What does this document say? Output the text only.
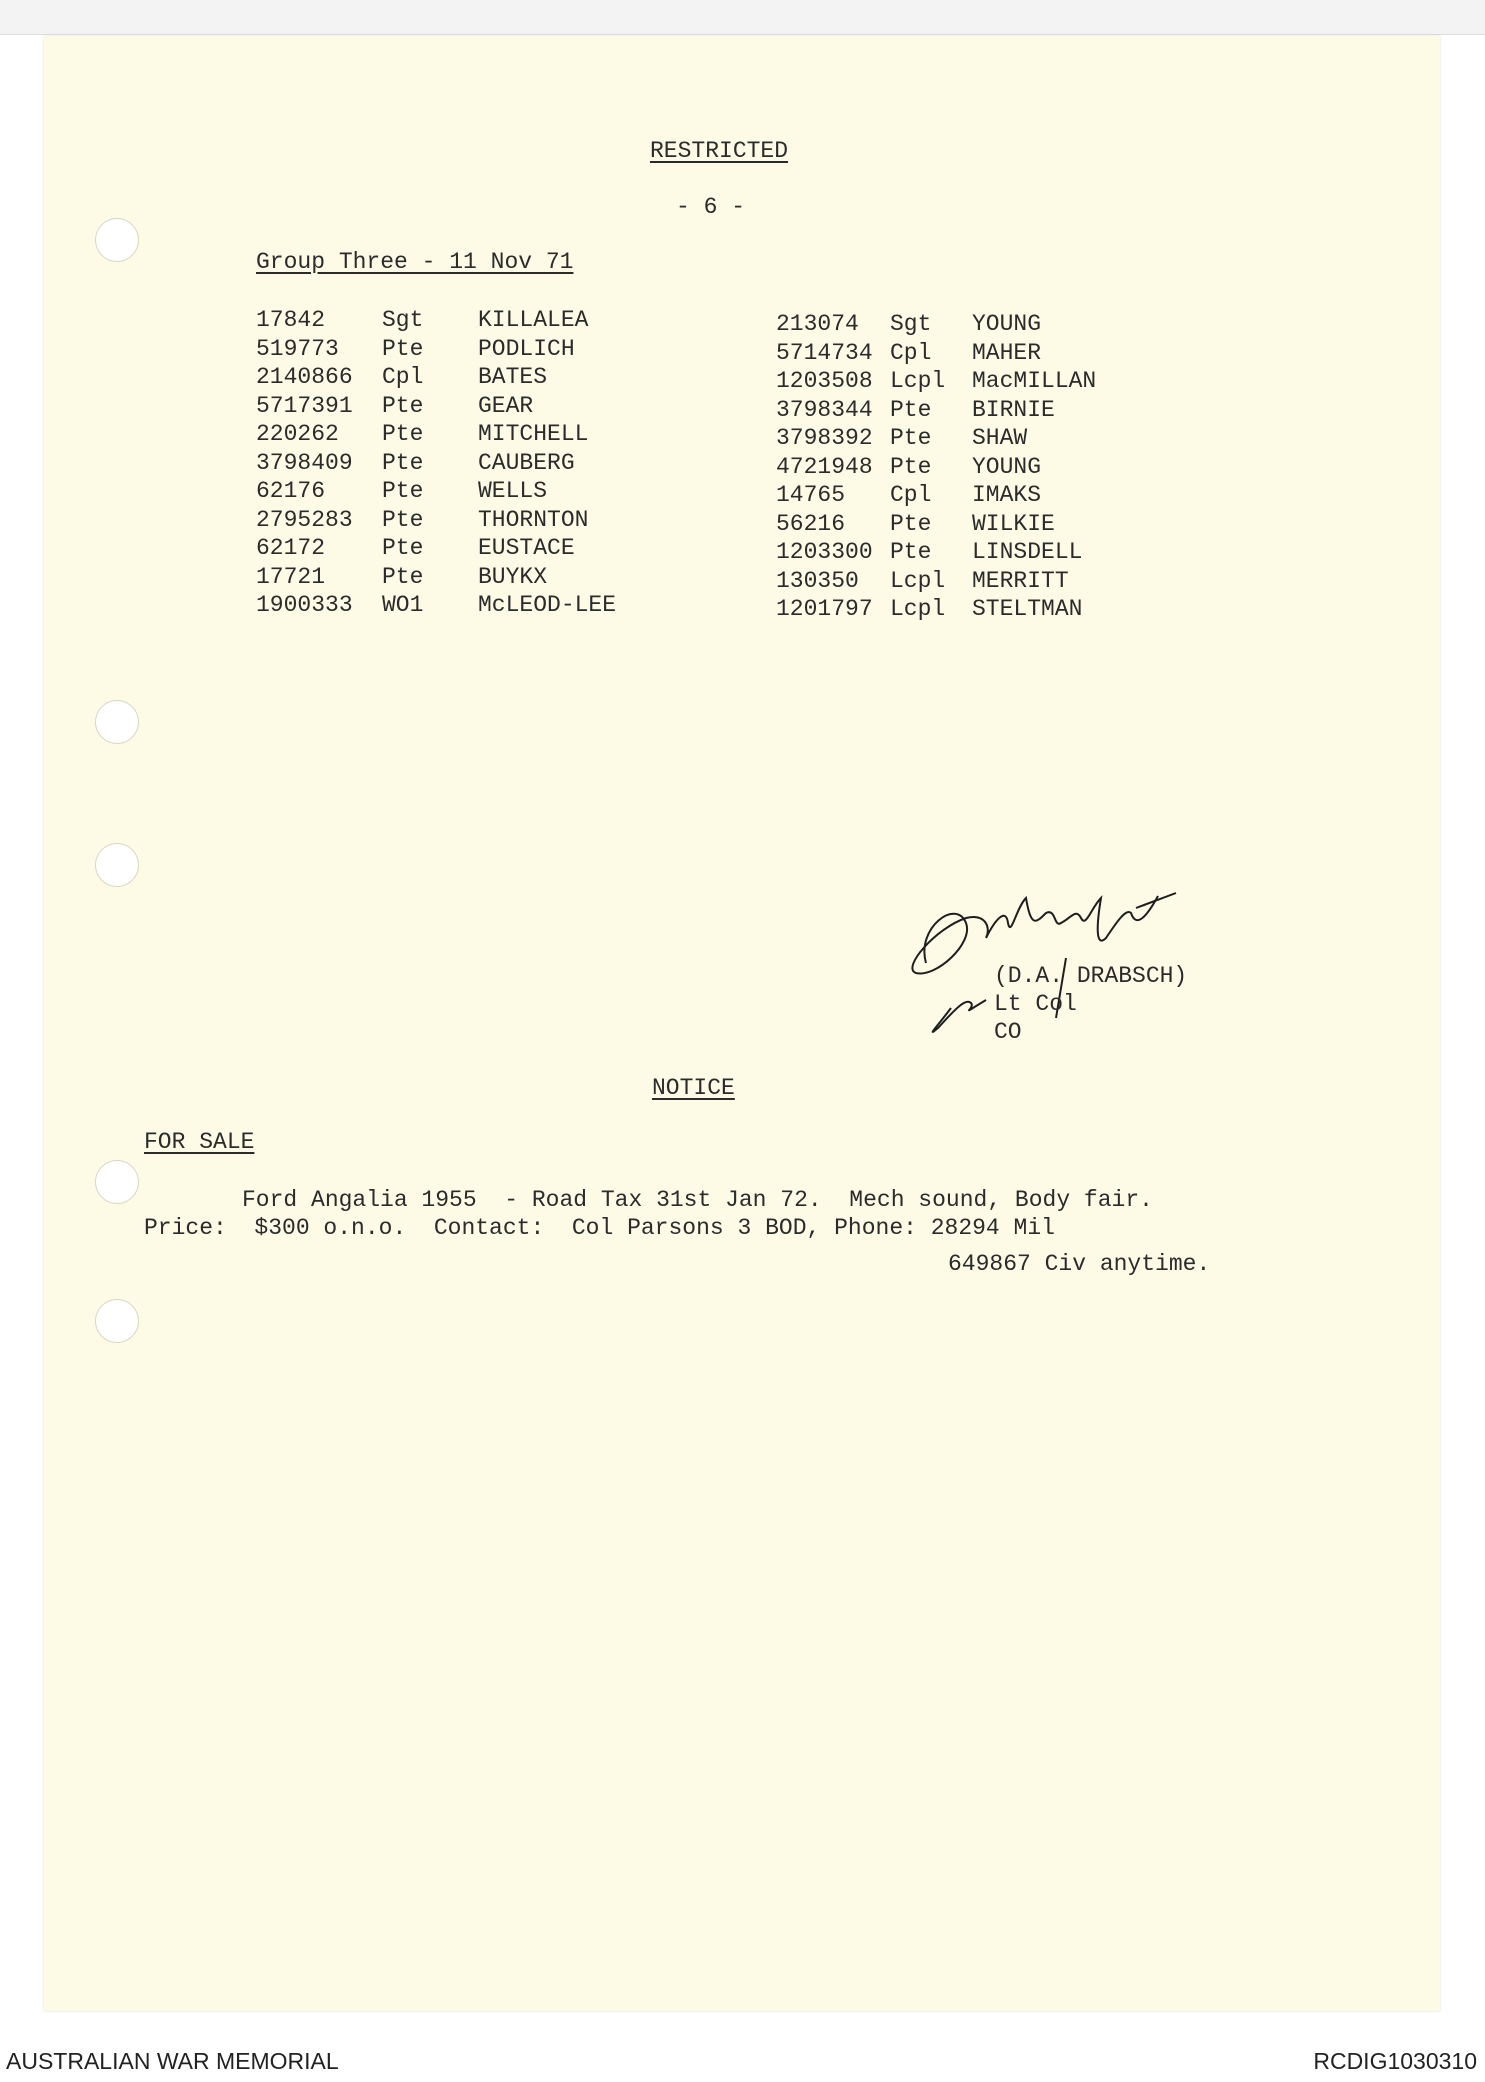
RESTRICTED
- 6 -
Group Three - 11 Nov 71
17842 Sgt KILLALEA
519773 Pte PODLICH
2140866 Cpl BATES
5717391 Pte GEAR
220262 Pte MITCHELL
3798409 Pte CAUBERG
62176 Pte WELLS
2795283 Pte THORNTON
62172 Pte EUSTACE
17721 Pte BUYKX
1900333 WO1 McLEOD-LEE
213074 Sgt YOUNG
5714734 Cpl MAHER
1203508 Lcpl MacMILLAN
3798344 Pte BIRNIE
3798392 Pte SHAW
4721948 Pte YOUNG
14765 Cpl IMAKS
56216 Pte WILKIE
1203300 Pte LINSDELL
130350 Lcpl MERRITT
1201797 Lcpl STELTMAN
(D.A. DRABSCH)
Lt Col
CO
NOTICE
FOR SALE
Ford Angalia 1955  - Road Tax 31st Jan 72.  Mech sound, Body fair.
Price:  $300 o.n.o.  Contact:  Col Parsons 3 BOD, Phone: 28294 Mil
649867 Civ anytime.
AUSTRALIAN WAR MEMORIAL	RCDIG1030310
